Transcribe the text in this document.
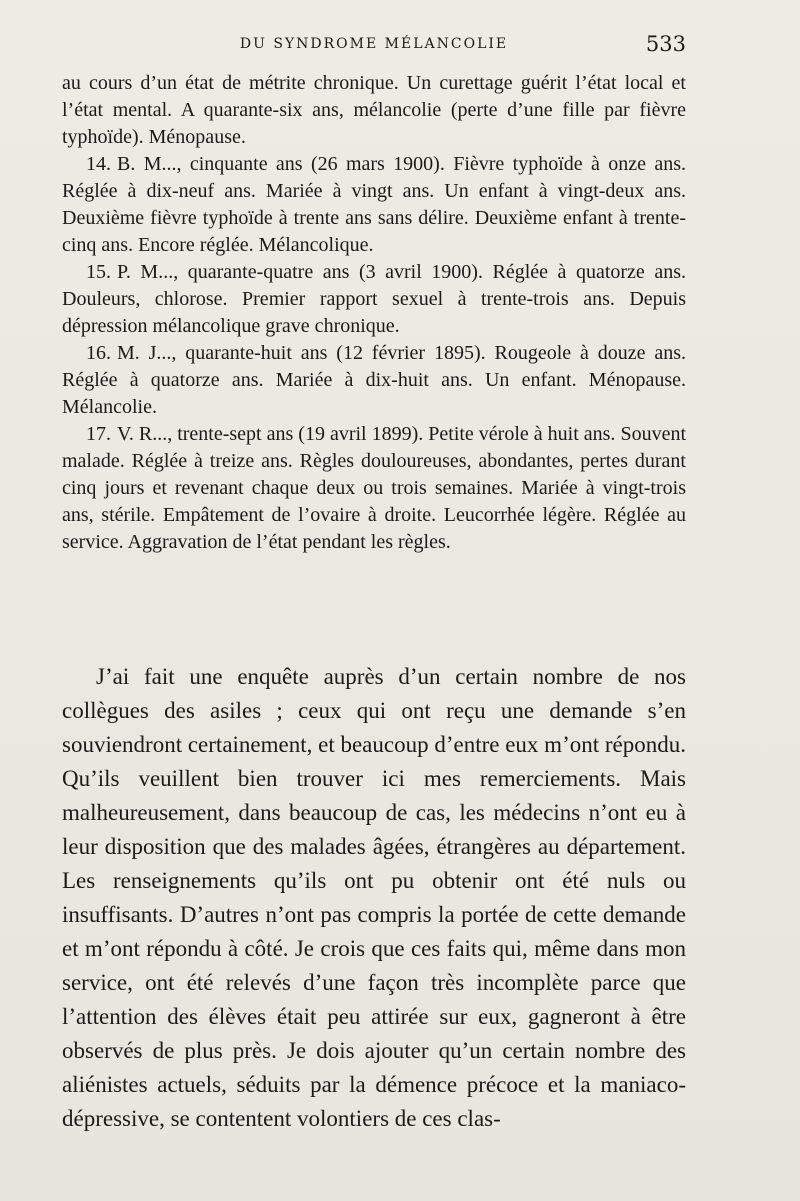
DU SYNDROME MÉLANCOLIE	533

au cours d’un état de métrite chronique. Un curettage guérit l’état local et l’état mental. A quarante-six ans, mélancolie (perte d’une fille par fièvre typhoïde). Ménopause.

14. B. M..., cinquante ans (26 mars 1900). Fièvre typhoïde à onze ans. Réglée à dix-neuf ans. Mariée à vingt ans. Un enfant à vingt-deux ans. Deuxième fièvre typhoïde à trente ans sans délire. Deuxième enfant à trente-cinq ans. Encore réglée. Mélancolique.

15. P. M..., quarante-quatre ans (3 avril 1900). Réglée à quatorze ans. Douleurs, chlorose. Premier rapport sexuel à trente-trois ans. Depuis dépression mélancolique grave chronique.

16. M. J..., quarante-huit ans (12 février 1895). Rougeole à douze ans. Réglée à quatorze ans. Mariée à dix-huit ans. Un enfant. Ménopause. Mélancolie.

17. V. R..., trente-sept ans (19 avril 1899). Petite vérole à huit ans. Souvent malade. Réglée à treize ans. Règles douloureuses, abondantes, pertes durant cinq jours et revenant chaque deux ou trois semaines. Mariée à vingt-trois ans, stérile. Empâtement de l’ovaire à droite. Leucorrhée légère. Réglée au service. Aggravation de l’état pendant les règles.

J’ai fait une enquête auprès d’un certain nombre de nos collègues des asiles ; ceux qui ont reçu une demande s’en souviendront certainement, et beaucoup d’entre eux m’ont répondu. Qu’ils veuillent bien trouver ici mes remerciements. Mais malheureusement, dans beaucoup de cas, les médecins n’ont eu à leur disposition que des malades âgées, étrangères au département. Les renseignements qu’ils ont pu obtenir ont été nuls ou insuffisants. D’autres n’ont pas compris la portée de cette demande et m’ont répondu à côté. Je crois que ces faits qui, même dans mon service, ont été relevés d’une façon très incomplète parce que l’attention des élèves était peu attirée sur eux, gagneront à être observés de plus près. Je dois ajouter qu’un certain nombre des aliénistes actuels, séduits par la démence précoce et la maniaco-dépressive, se contentent volontiers de ces clas-
